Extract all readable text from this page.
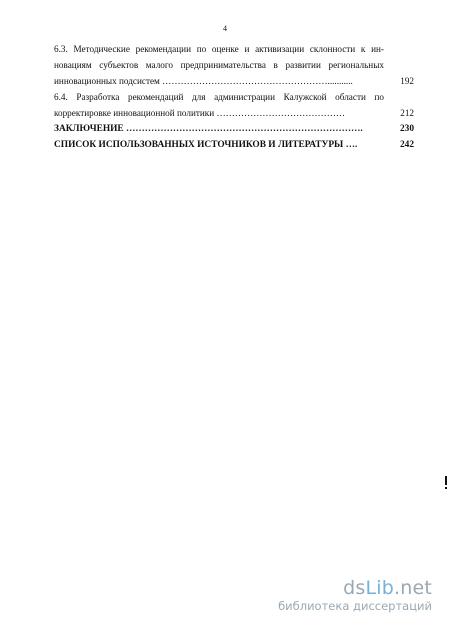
4
6.3. Методические рекомендации по оценке и активизации склонности к ин-новациям субъектов малого предпринимательства в развитии региональных инновационных подсистем ………………………………………………...........	192
6.4. Разработка рекомендаций для администрации Калужской области по корректировке инновационной политики ……………………………………	212
ЗАКЛЮЧЕНИЕ ………………………………………………………………….	230
СПИСОК ИСПОЛЬЗОВАННЫХ ИСТОЧНИКОВ И ЛИТЕРАТУРЫ ….	242
dsLib.net
библиотека диссертаций
